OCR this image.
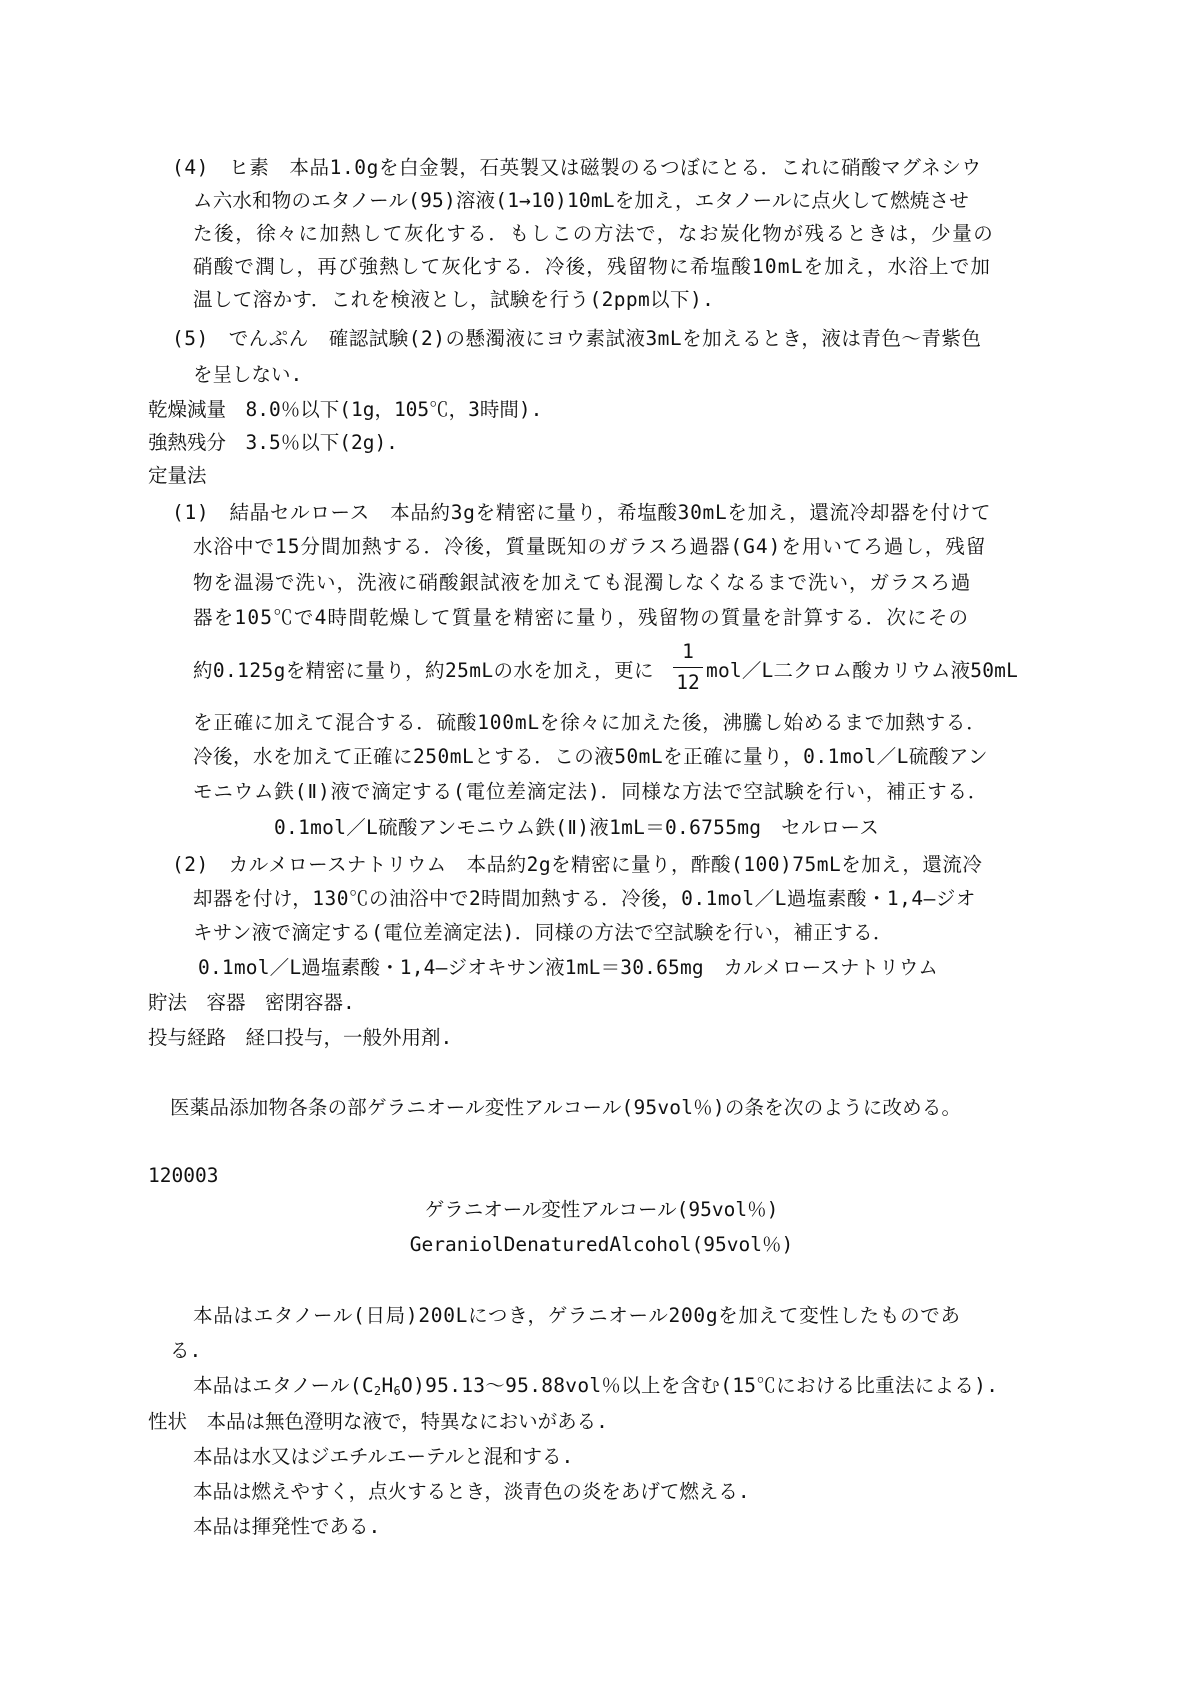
(4)　ヒ素　本品1.0gを白金製，石英製又は磁製のるつぼにとる．これに硝酸マグネシウ

ム六水和物のエタノール(95)溶液(1→10)10mLを加え，エタノールに点火して燃焼させ

た後，徐々に加熱して灰化する．もしこの方法で，なお炭化物が残るときは，少量の

硝酸で潤し，再び強熱して灰化する．冷後，残留物に希塩酸10mLを加え，水浴上で加

温して溶かす．これを検液とし，試験を行う(2ppm以下).

(5)　でんぷん　確認試験(2)の懸濁液にヨウ素試液3mLを加えるとき，液は青色～青紫色

を呈しない.

乾燥減量　8.0％以下(1g，105℃，3時間).

強熱残分　3.5％以下(2g).

定量法

(1)　結晶セルロース　本品約3gを精密に量り，希塩酸30mLを加え，還流冷却器を付けて

水浴中で15分間加熱する．冷後，質量既知のガラスろ過器(G4)を用いてろ過し，残留

物を温湯で洗い，洗液に硝酸銀試液を加えても混濁しなくなるまで洗い，ガラスろ過

器を105℃で4時間乾燥して質量を精密に量り，残留物の質量を計算する．次にその

約0.125gを精密に量り，約25mLの水を加え，更に

1
12

mol／L二クロム酸カリウム液50mL

を正確に加えて混合する．硫酸100mLを徐々に加えた後，沸騰し始めるまで加熱する．

冷後，水を加えて正確に250mLとする．この液50mLを正確に量り，0.1mol／L硫酸アン

モニウム鉄(Ⅱ)液で滴定する(電位差滴定法)．同様な方法で空試験を行い，補正する．

0.1mol／L硫酸アンモニウム鉄(Ⅱ)液1mL＝0.6755mg　セルロース

(2)　カルメロースナトリウム　本品約2gを精密に量り，酢酸(100)75mLを加え，還流冷

却器を付け，130℃の油浴中で2時間加熱する．冷後，0.1mol／L過塩素酸・1,4―ジオ

キサン液で滴定する(電位差滴定法)．同様の方法で空試験を行い，補正する．

0.1mol／L過塩素酸・1,4―ジオキサン液1mL＝30.65mg　カルメロースナトリウム

貯法　容器　密閉容器.

投与経路　経口投与，一般外用剤.

医薬品添加物各条の部ゲラニオール変性アルコール(95vol％)の条を次のように改める。

120003

ゲラニオール変性アルコール(95vol％)

GeraniolDenaturedAlcohol(95vol％)

本品はエタノール(日局)200Lにつき，ゲラニオール200gを加えて変性したものであ

る.

本品はエタノール$(C_2H_6O)95.13\sim 95.88vol$％以上を含む(15℃における比重法による).

性状　本品は無色澄明な液で，特異なにおいがある.

本品は水又はジエチルエーテルと混和する.

本品は燃えやすく，点火するとき，淡青色の炎をあげて燃える.

本品は揮発性である.
